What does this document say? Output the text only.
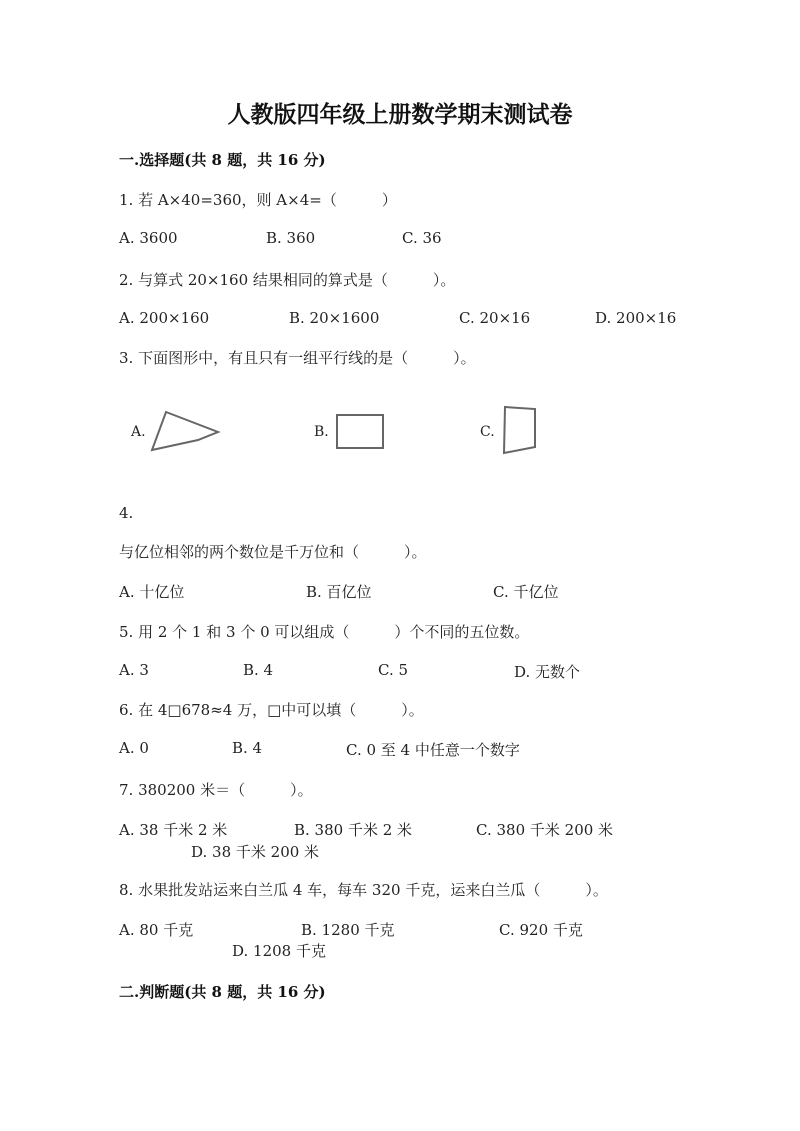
人教版四年级上册数学期末测试卷
一.选择题(共 8 题，共 16 分)
1. 若 A×40=360，则 A×4=（　　　）
A. 3600	B. 360	C. 36
2. 与算式 20×160 结果相同的算式是（　　　）。
A. 200×160	B. 20×1600	C. 20×16	D. 200×16
3. 下面图形中，有且只有一组平行线的是（　　　）。
A.	B.	C.
4.
与亿位相邻的两个数位是千万位和（　　　）。
A. 十亿位	B. 百亿位	C. 千亿位
5. 用 2 个 1 和 3 个 0 可以组成（　　　）个不同的五位数。
A. 3	B. 4	C. 5	D. 无数个
6. 在 4□678≈4 万，□中可以填（　　　）。
A. 0	B. 4	C. 0 至 4 中任意一个数字
7. 380200 米＝（　　　）。
A. 38 千米 2 米	B. 380 千米 2 米	C. 380 千米 200 米
D. 38 千米 200 米
8. 水果批发站运来白兰瓜 4 车，每车 320 千克，运来白兰瓜（　　　）。
A. 80 千克	B. 1280 千克	C. 920 千克
D. 1208 千克
二.判断题(共 8 题，共 16 分)
